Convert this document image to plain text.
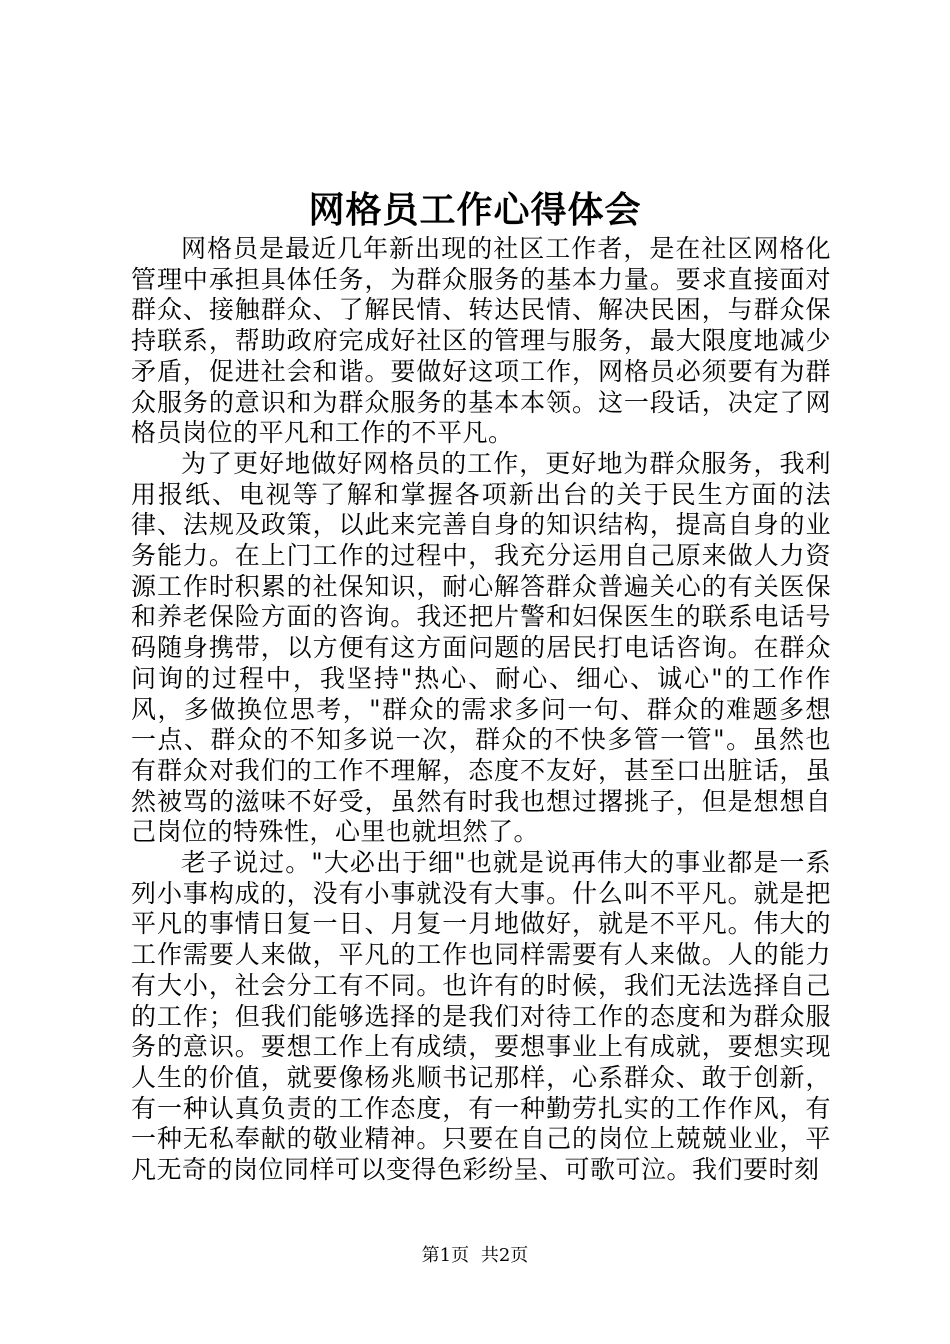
网格员工作心得体会

网格员是最近几年新出现的社区工作者，是在社区网格化管理中承担具体任务，为群众服务的基本力量。要求直接面对群众、接触群众、了解民情、转达民情、解决民困，与群众保持联系，帮助政府完成好社区的管理与服务，最大限度地减少矛盾，促进社会和谐。要做好这项工作，网格员必须要有为群众服务的意识和为群众服务的基本本领。这一段话，决定了网格员岗位的平凡和工作的不平凡。

为了更好地做好网格员的工作，更好地为群众服务，我利用报纸、电视等了解和掌握各项新出台的关于民生方面的法律、法规及政策，以此来完善自身的知识结构，提高自身的业务能力。在上门工作的过程中，我充分运用自己原来做人力资源工作时积累的社保知识，耐心解答群众普遍关心的有关医保和养老保险方面的咨询。我还把片警和妇保医生的联系电话号码随身携带，以方便有这方面问题的居民打电话咨询。在群众问询的过程中，我坚持"热心、耐心、细心、诚心"的工作作风，多做换位思考，"群众的需求多问一句、群众的难题多想一点、群众的不知多说一次，群众的不快多管一管"。虽然也有群众对我们的工作不理解，态度不友好，甚至口出脏话，虽然被骂的滋味不好受，虽然有时我也想过撂挑子，但是想想自己岗位的特殊性，心里也就坦然了。

老子说过。"大必出于细"也就是说再伟大的事业都是一系列小事构成的，没有小事就没有大事。什么叫不平凡。就是把平凡的事情日复一日、月复一月地做好，就是不平凡。伟大的工作需要人来做，平凡的工作也同样需要有人来做。人的能力有大小，社会分工有不同。也许有的时候，我们无法选择自己的工作；但我们能够选择的是我们对待工作的态度和为群众服务的意识。要想工作上有成绩，要想事业上有成就，要想实现人生的价值，就要像杨兆顺书记那样，心系群众、敢于创新，有一种认真负责的工作态度，有一种勤劳扎实的工作作风，有一种无私奉献的敬业精神。只要在自己的岗位上兢兢业业，平凡无奇的岗位同样可以变得色彩纷呈、可歌可泣。我们要时刻

第1页 共2页
